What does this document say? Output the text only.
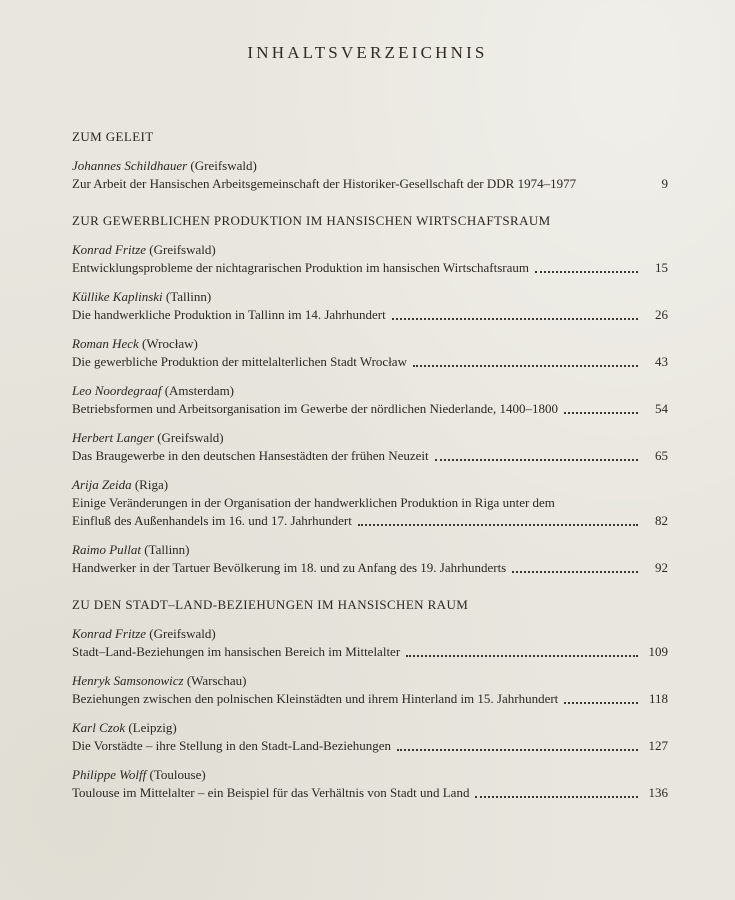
INHALTSVERZEICHNIS
ZUM GELEIT
Johannes Schildhauer (Greifswald)
Zur Arbeit der Hansischen Arbeitsgemeinschaft der Historiker-Gesellschaft der DDR 1974–1977	9
ZUR GEWERBLICHEN PRODUKTION IM HANSISCHEN WIRTSCHAFTSRAUM
Konrad Fritze (Greifswald)
Entwicklungsprobleme der nichtagrarischen Produktion im hansischen Wirtschaftsraum	15
Küllike Kaplinski (Tallinn)
Die handwerkliche Produktion in Tallinn im 14. Jahrhundert	26
Roman Heck (Wrocław)
Die gewerbliche Produktion der mittelalterlichen Stadt Wrocław	43
Leo Noordegraaf (Amsterdam)
Betriebsformen und Arbeitsorganisation im Gewerbe der nördlichen Niederlande, 1400–1800	54
Herbert Langer (Greifswald)
Das Braugewerbe in den deutschen Hansestädten der frühen Neuzeit	65
Arija Zeida (Riga)
Einige Veränderungen in der Organisation der handwerklichen Produktion in Riga unter dem
Einfluß des Außenhandels im 16. und 17. Jahrhundert	82
Raimo Pullat (Tallinn)
Handwerker in der Tartuer Bevölkerung im 18. und zu Anfang des 19. Jahrhunderts	92
ZU DEN STADT–LAND-BEZIEHUNGEN IM HANSISCHEN RAUM
Konrad Fritze (Greifswald)
Stadt–Land-Beziehungen im hansischen Bereich im Mittelalter	109
Henryk Samsonowicz (Warschau)
Beziehungen zwischen den polnischen Kleinstädten und ihrem Hinterland im 15. Jahrhundert	118
Karl Czok (Leipzig)
Die Vorstädte – ihre Stellung in den Stadt-Land-Beziehungen	127
Philippe Wolff (Toulouse)
Toulouse im Mittelalter – ein Beispiel für das Verhältnis von Stadt und Land	136
